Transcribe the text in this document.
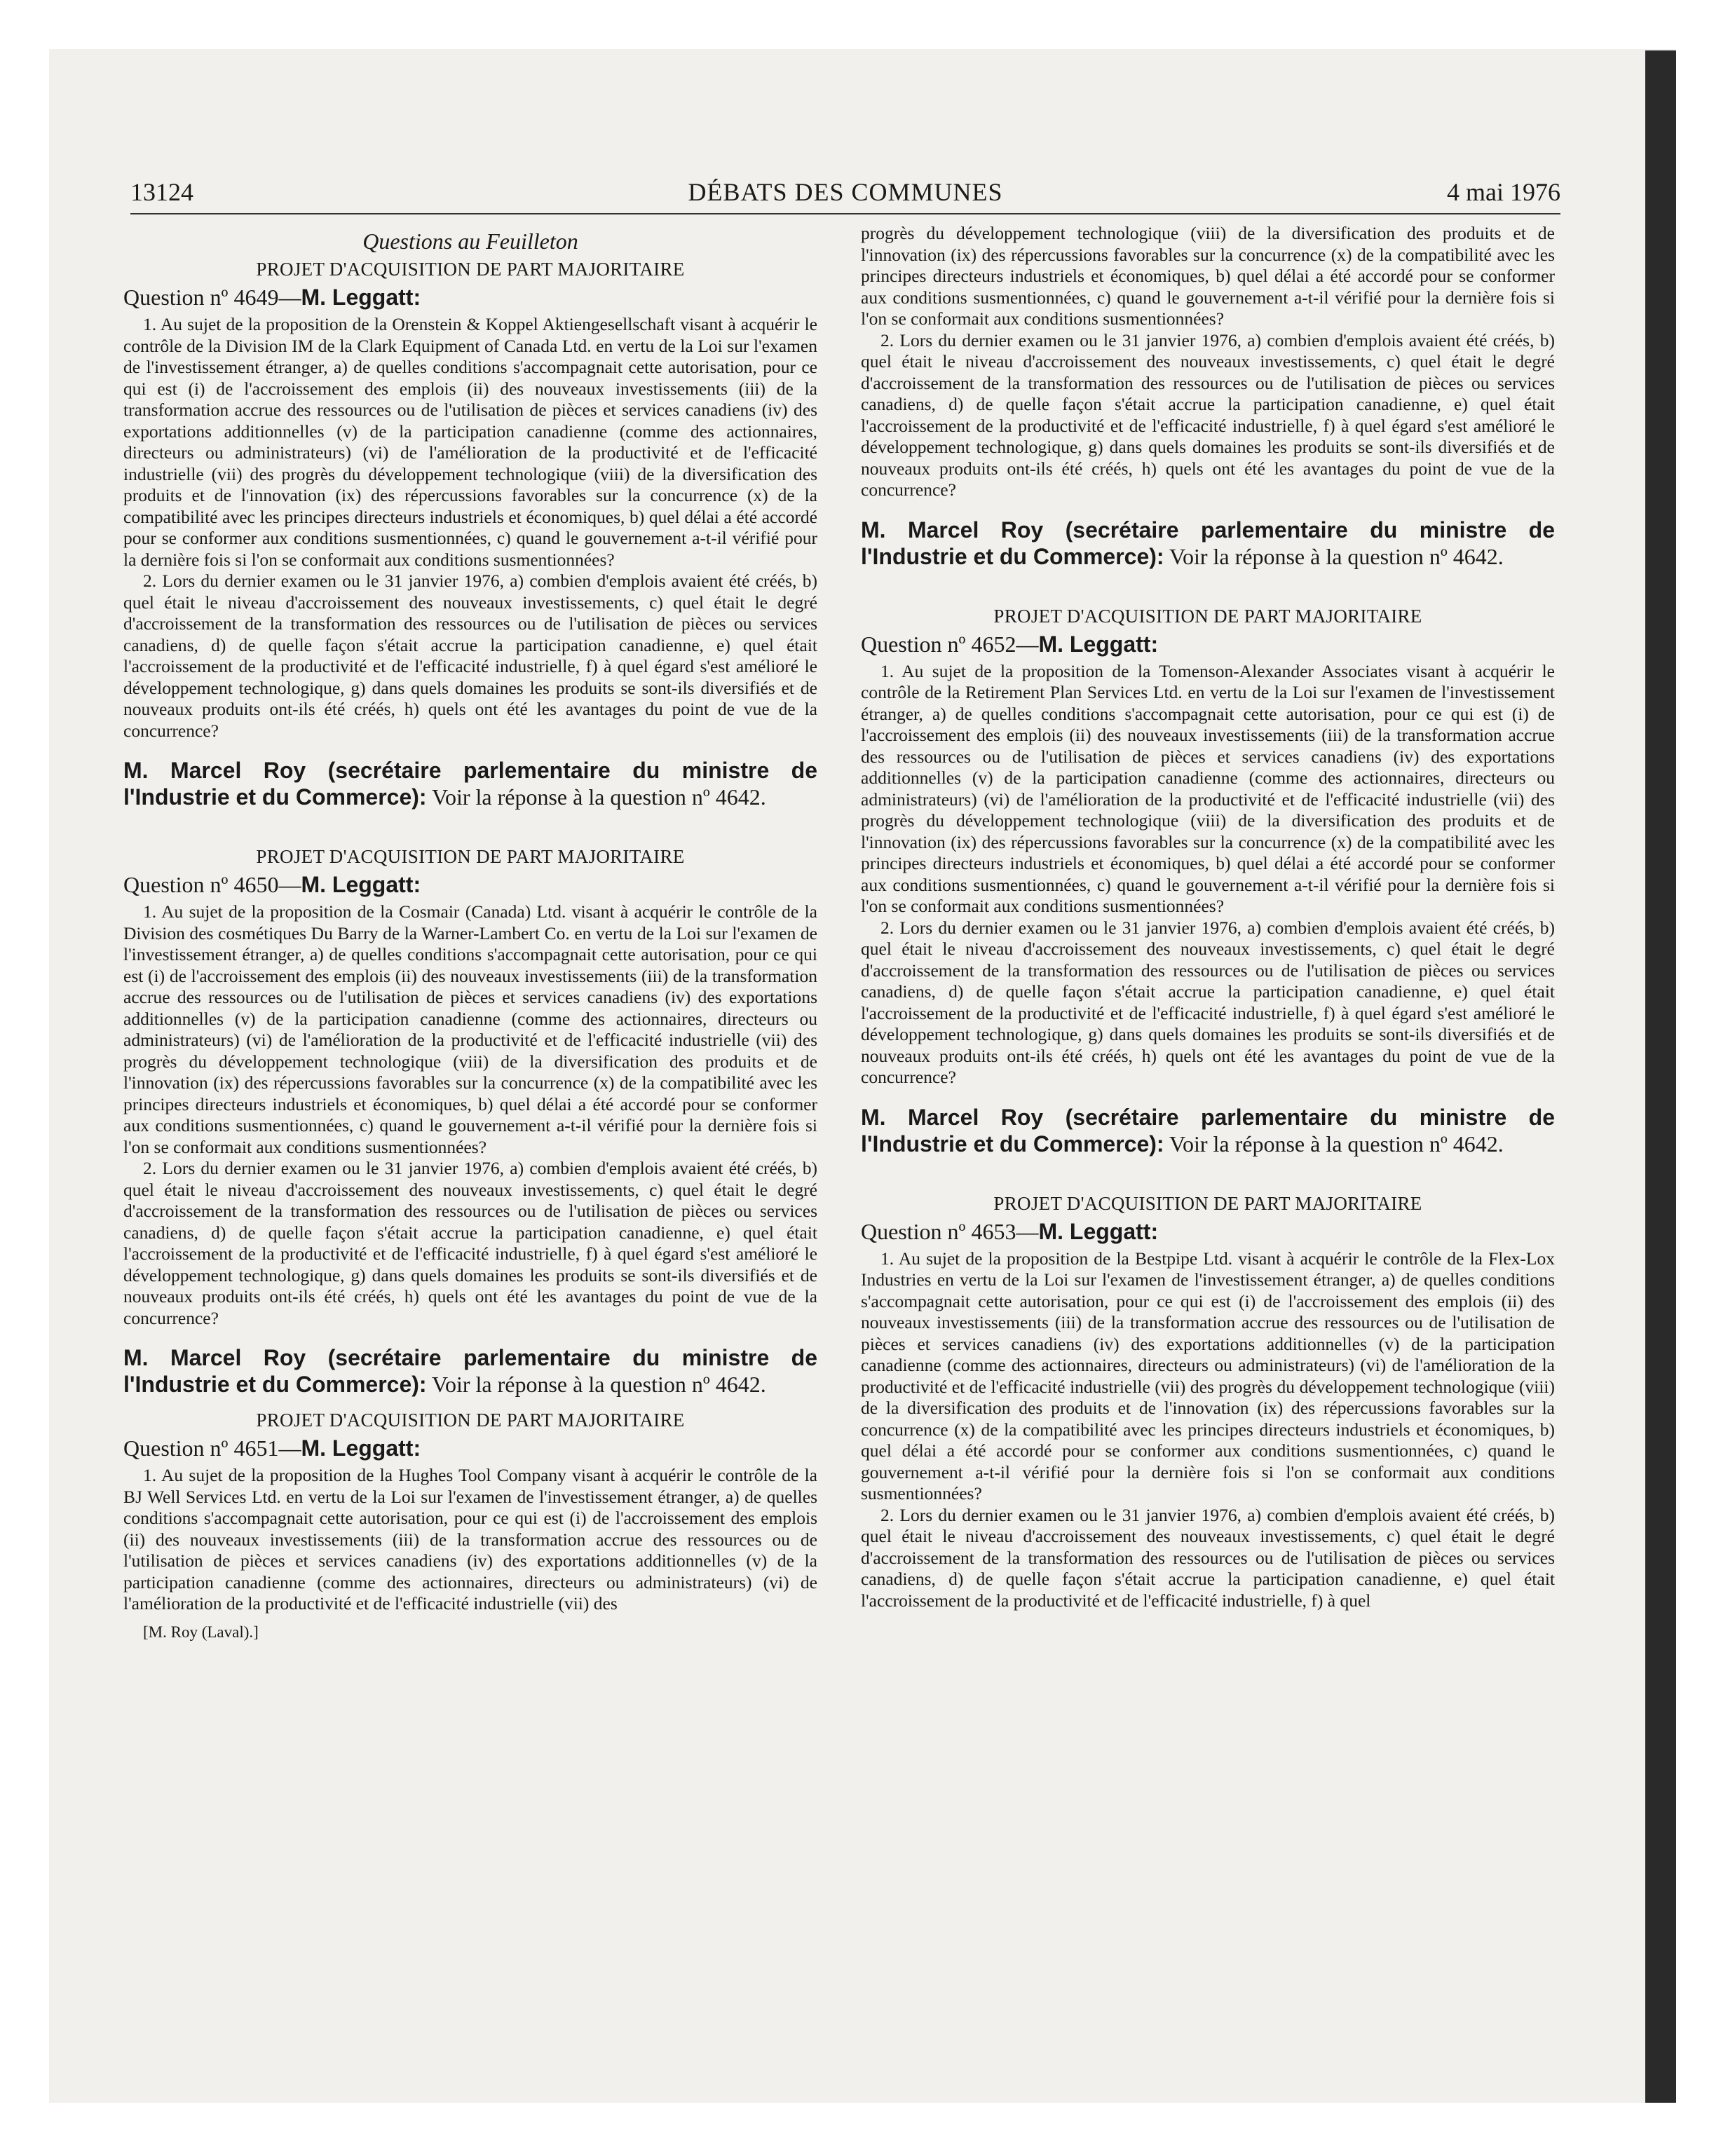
13124	DÉBATS DES COMMUNES	4 mai 1976
Questions au Feuilleton
PROJET D'ACQUISITION DE PART MAJORITAIRE
Question nº 4649—M. Leggatt:

1. Au sujet de la proposition de la Orenstein & Koppel Aktiengesellschaft visant à acquérir le contrôle de la Division IM de la Clark Equipment of Canada Ltd. en vertu de la Loi sur l'examen de l'investissement étranger, a) de quelles conditions s'accompagnait cette autorisation, pour ce qui est (i) de l'accroissement des emplois (ii) des nouveaux investissements (iii) de la transformation accrue des ressources ou de l'utilisation de pièces et services canadiens (iv) des exportations additionnelles (v) de la participation canadienne (comme des actionnaires, directeurs ou administrateurs) (vi) de l'amélioration de la productivité et de l'efficacité industrielle (vii) des progrès du développement technologique (viii) de la diversification des produits et de l'innovation (ix) des répercussions favorables sur la concurrence (x) de la compatibilité avec les principes directeurs industriels et économiques, b) quel délai a été accordé pour se conformer aux conditions susmentionnées, c) quand le gouvernement a-t-il vérifié pour la dernière fois si l'on se conformait aux conditions susmentionnées?

2. Lors du dernier examen ou le 31 janvier 1976, a) combien d'emplois avaient été créés, b) quel était le niveau d'accroissement des nouveaux investissements, c) quel était le degré d'accroissement de la transformation des ressources ou de l'utilisation de pièces ou services canadiens, d) de quelle façon s'était accrue la participation canadienne, e) quel était l'accroissement de la productivité et de l'efficacité industrielle, f) à quel égard s'est amélioré le développement technologique, g) dans quels domaines les produits se sont-ils diversifiés et de nouveaux produits ont-ils été créés, h) quels ont été les avantages du point de vue de la concurrence?

M. Marcel Roy (secrétaire parlementaire du ministre de l'Industrie et du Commerce): Voir la réponse à la question nº 4642.
PROJET D'ACQUISITION DE PART MAJORITAIRE
Question nº 4650—M. Leggatt:

1. Au sujet de la proposition de la Cosmair (Canada) Ltd. visant à acquérir le contrôle de la Division des cosmétiques Du Barry de la Warner-Lambert Co. en vertu de la Loi sur l'examen de l'investissement étranger, a) de quelles conditions s'accompagnait cette autorisation, pour ce qui est (i) de l'accroissement des emplois (ii) des nouveaux investissements (iii) de la transformation accrue des ressources ou de l'utilisation de pièces et services canadiens (iv) des exportations additionnelles (v) de la participation canadienne (comme des actionnaires, directeurs ou administrateurs) (vi) de l'amélioration de la productivité et de l'efficacité industrielle (vii) des progrès du développement technologique (viii) de la diversification des produits et de l'innovation (ix) des répercussions favorables sur la concurrence (x) de la compatibilité avec les principes directeurs industriels et économiques, b) quel délai a été accordé pour se conformer aux conditions susmentionnées, c) quand le gouvernement a-t-il vérifié pour la dernière fois si l'on se conformait aux conditions susmentionnées?

2. Lors du dernier examen ou le 31 janvier 1976, a) combien d'emplois avaient été créés, b) quel était le niveau d'accroissement des nouveaux investissements, c) quel était le degré d'accroissement de la transformation des ressources ou de l'utilisation de pièces ou services canadiens, d) de quelle façon s'était accrue la participation canadienne, e) quel était l'accroissement de la productivité et de l'efficacité industrielle, f) à quel égard s'est amélioré le développement technologique, g) dans quels domaines les produits se sont-ils diversifiés et de nouveaux produits ont-ils été créés, h) quels ont été les avantages du point de vue de la concurrence?

M. Marcel Roy (secrétaire parlementaire du ministre de l'Industrie et du Commerce): Voir la réponse à la question nº 4642.
PROJET D'ACQUISITION DE PART MAJORITAIRE
Question nº 4651—M. Leggatt:

1. Au sujet de la proposition de la Hughes Tool Company visant à acquérir le contrôle de la BJ Well Services Ltd. en vertu de la Loi sur l'examen de l'investissement étranger, a) de quelles conditions s'accompagnait cette autorisation, pour ce qui est (i) de l'accroissement des emplois (ii) des nouveaux investissements (iii) de la transformation accrue des ressources ou de l'utilisation de pièces et services canadiens (iv) des exportations additionnelles (v) de la participation canadienne (comme des actionnaires, directeurs ou administrateurs) (vi) de l'amélioration de la productivité et de l'efficacité industrielle (vii) des

[M. Roy (Laval).]

progrès du développement technologique (viii) de la diversification des produits et de l'innovation (ix) des répercussions favorables sur la concurrence (x) de la compatibilité avec les principes directeurs industriels et économiques, b) quel délai a été accordé pour se conformer aux conditions susmentionnées, c) quand le gouvernement a-t-il vérifié pour la dernière fois si l'on se conformait aux conditions susmentionnées?

2. Lors du dernier examen ou le 31 janvier 1976, a) combien d'emplois avaient été créés, b) quel était le niveau d'accroissement des nouveaux investissements, c) quel était le degré d'accroissement de la transformation des ressources ou de l'utilisation de pièces ou services canadiens, d) de quelle façon s'était accrue la participation canadienne, e) quel était l'accroissement de la productivité et de l'efficacité industrielle, f) à quel égard s'est amélioré le développement technologique, g) dans quels domaines les produits se sont-ils diversifiés et de nouveaux produits ont-ils été créés, h) quels ont été les avantages du point de vue de la concurrence?

M. Marcel Roy (secrétaire parlementaire du ministre de l'Industrie et du Commerce): Voir la réponse à la question nº 4642.
PROJET D'ACQUISITION DE PART MAJORITAIRE
Question nº 4652—M. Leggatt:

1. Au sujet de la proposition de la Tomenson-Alexander Associates visant à acquérir le contrôle de la Retirement Plan Services Ltd. en vertu de la Loi sur l'examen de l'investissement étranger, a) de quelles conditions s'accompagnait cette autorisation, pour ce qui est (i) de l'accroissement des emplois (ii) des nouveaux investissements (iii) de la transformation accrue des ressources ou de l'utilisation de pièces et services canadiens (iv) des exportations additionnelles (v) de la participation canadienne (comme des actionnaires, directeurs ou administrateurs) (vi) de l'amélioration de la productivité et de l'efficacité industrielle (vii) des progrès du développement technologique (viii) de la diversification des produits et de l'innovation (ix) des répercussions favorables sur la concurrence (x) de la compatibilité avec les principes directeurs industriels et économiques, b) quel délai a été accordé pour se conformer aux conditions susmentionnées, c) quand le gouvernement a-t-il vérifié pour la dernière fois si l'on se conformait aux conditions susmentionnées?

2. Lors du dernier examen ou le 31 janvier 1976, a) combien d'emplois avaient été créés, b) quel était le niveau d'accroissement des nouveaux investissements, c) quel était le degré d'accroissement de la transformation des ressources ou de l'utilisation de pièces ou services canadiens, d) de quelle façon s'était accrue la participation canadienne, e) quel était l'accroissement de la productivité et de l'efficacité industrielle, f) à quel égard s'est amélioré le développement technologique, g) dans quels domaines les produits se sont-ils diversifiés et de nouveaux produits ont-ils été créés, h) quels ont été les avantages du point de vue de la concurrence?

M. Marcel Roy (secrétaire parlementaire du ministre de l'Industrie et du Commerce): Voir la réponse à la question nº 4642.
PROJET D'ACQUISITION DE PART MAJORITAIRE
Question nº 4653—M. Leggatt:

1. Au sujet de la proposition de la Bestpipe Ltd. visant à acquérir le contrôle de la Flex-Lox Industries en vertu de la Loi sur l'examen de l'investissement étranger, a) de quelles conditions s'accompagnait cette autorisation, pour ce qui est (i) de l'accroissement des emplois (ii) des nouveaux investissements (iii) de la transformation accrue des ressources ou de l'utilisation de pièces et services canadiens (iv) des exportations additionnelles (v) de la participation canadienne (comme des actionnaires, directeurs ou administrateurs) (vi) de l'amélioration de la productivité et de l'efficacité industrielle (vii) des progrès du développement technologique (viii) de la diversification des produits et de l'innovation (ix) des répercussions favorables sur la concurrence (x) de la compatibilité avec les principes directeurs industriels et économiques, b) quel délai a été accordé pour se conformer aux conditions susmentionnées, c) quand le gouvernement a-t-il vérifié pour la dernière fois si l'on se conformait aux conditions susmentionnées?

2. Lors du dernier examen ou le 31 janvier 1976, a) combien d'emplois avaient été créés, b) quel était le niveau d'accroissement des nouveaux investissements, c) quel était le degré d'accroissement de la transformation des ressources ou de l'utilisation de pièces ou services canadiens, d) de quelle façon s'était accrue la participation canadienne, e) quel était l'accroissement de la productivité et de l'efficacité industrielle, f) à quel
